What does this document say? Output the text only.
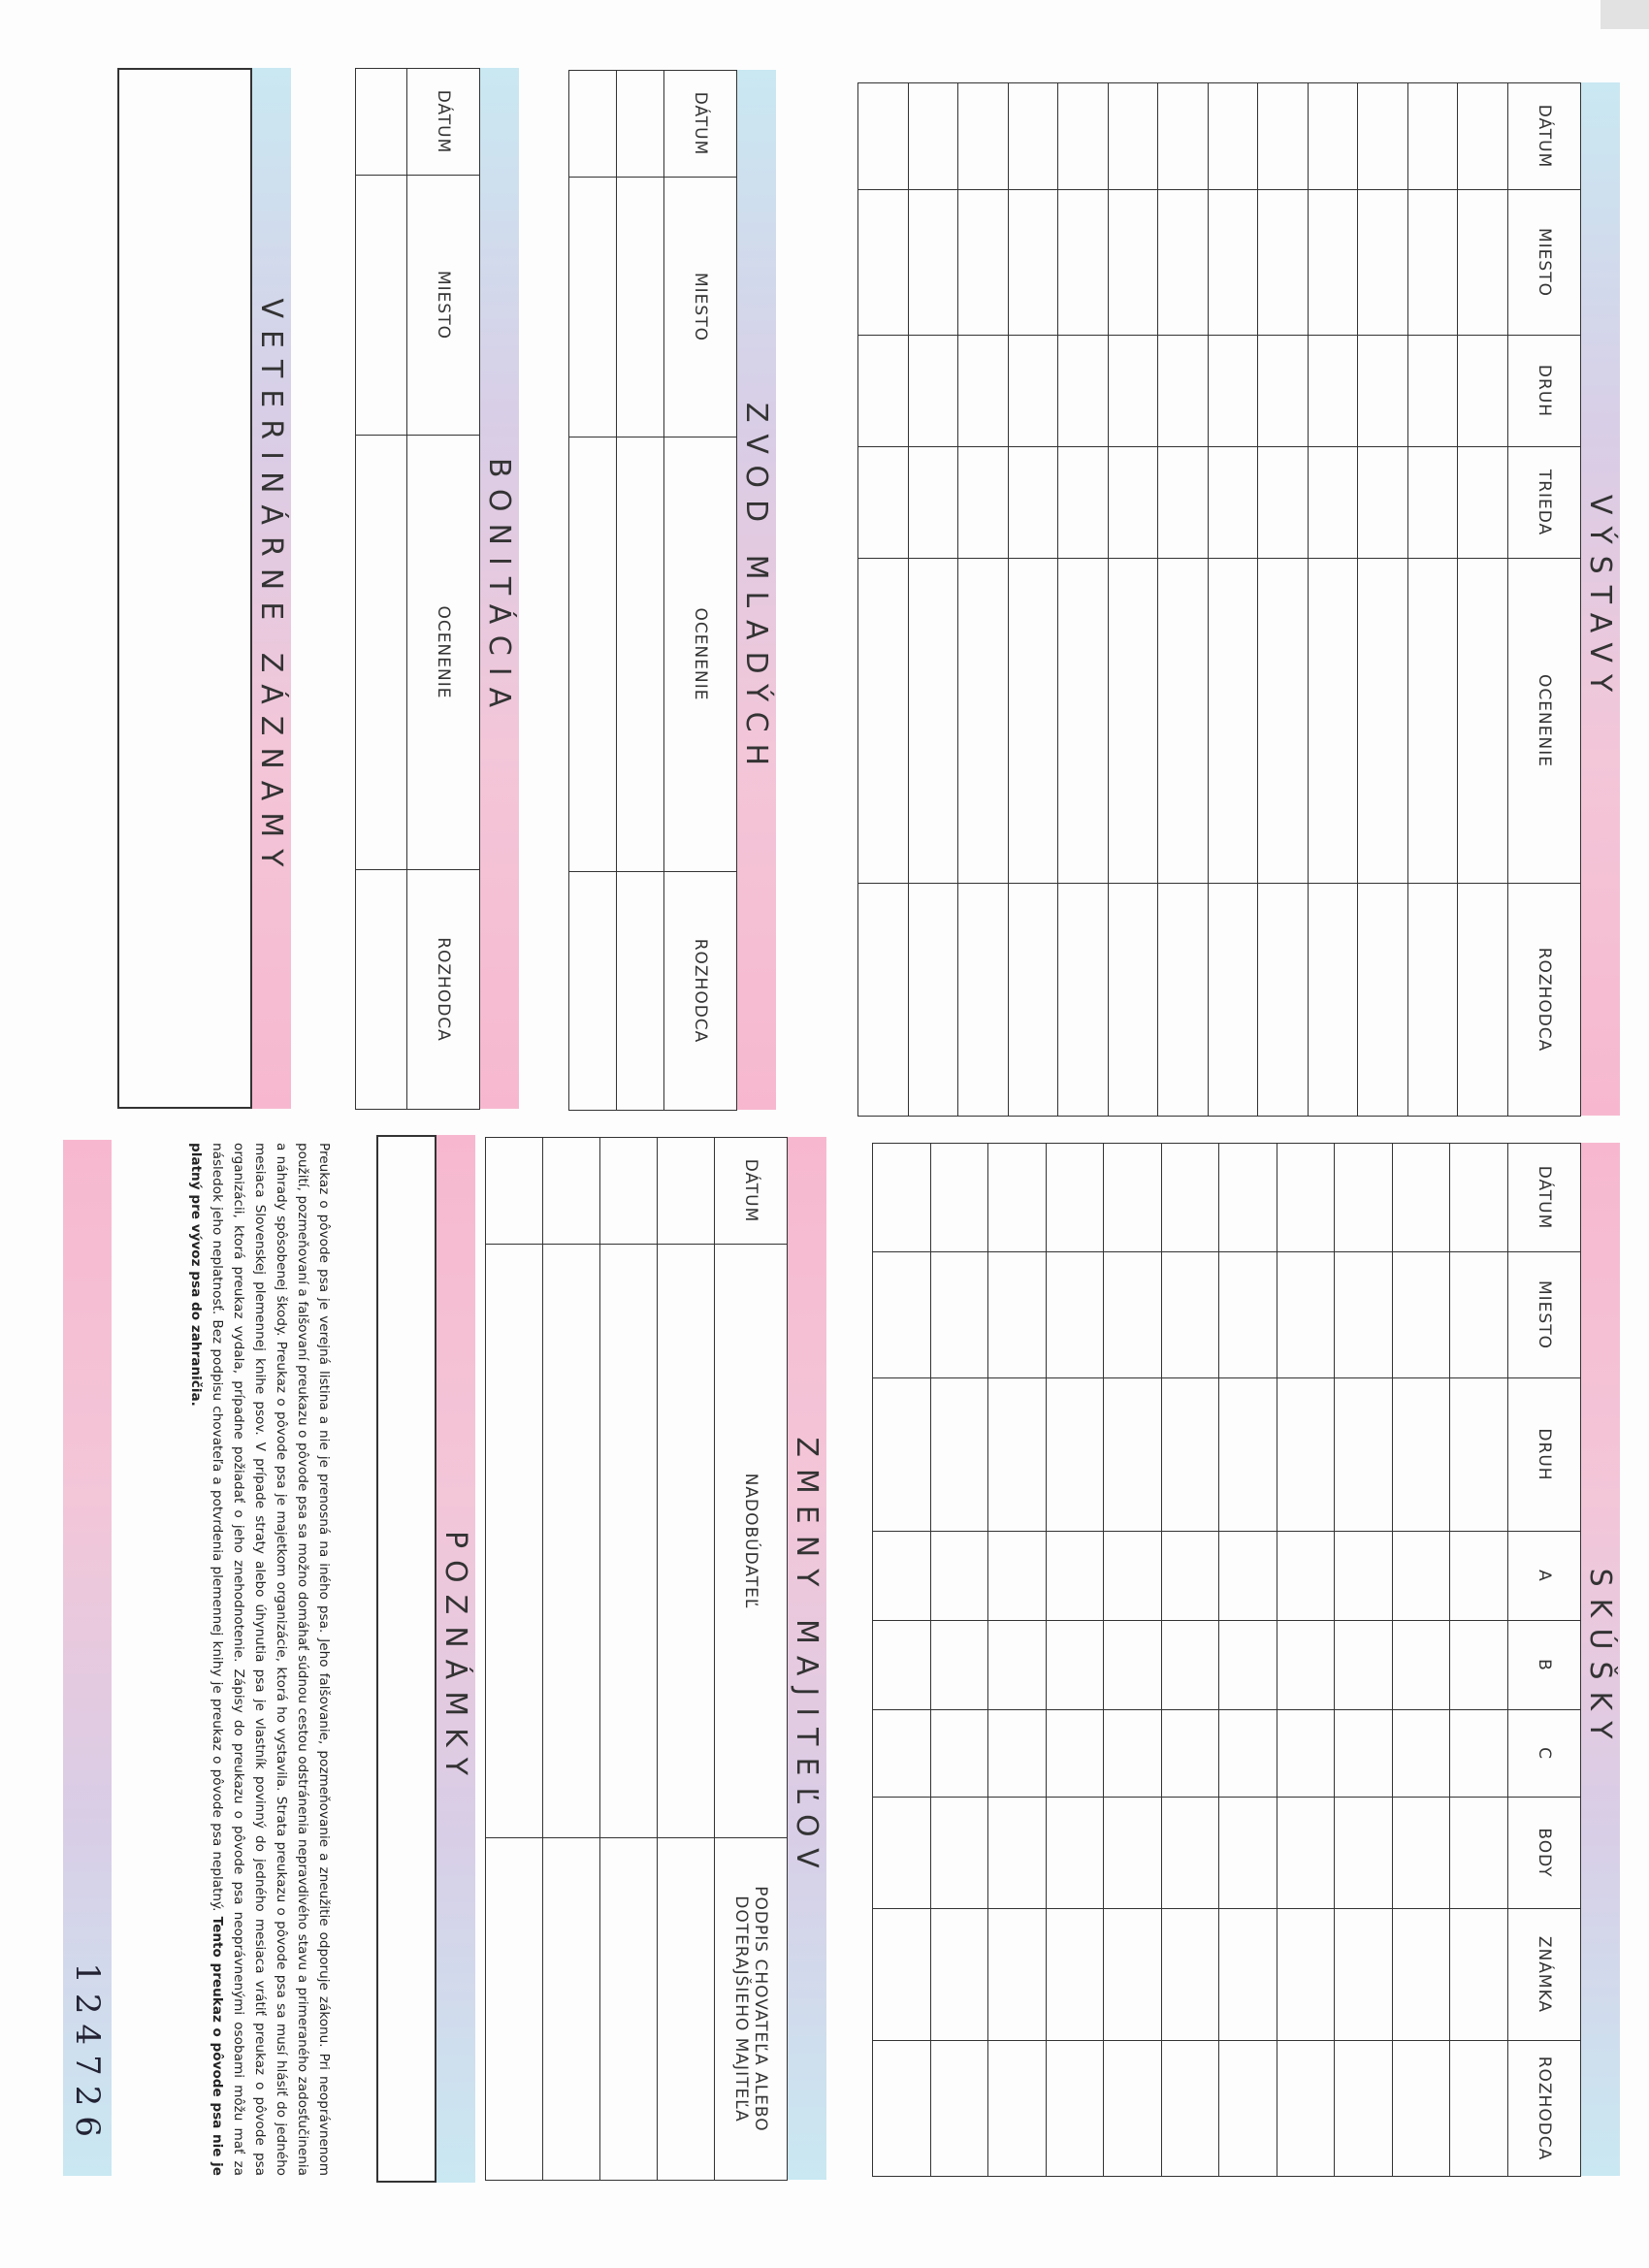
VÝSTAVY
DÁTUM	MIESTO	DRUH	TRIEDA	OCENENIE	ROZHODCA

SKÚŠKY
DÁTUM	MIESTO	DRUH	A	B	C	BODY	ZNÁMKA	ROZHODCA

ZVOD MLADÝCH
DÁTUM	MIESTO	OCENENIE	ROZHODCA

ZMENY MAJITEĽOV
DÁTUM	NADOBÚDATEĽ	PODPIS CHOVATEĽA ALEBO DOTERAJŠIEHO MAJITEĽA

BONITÁCIA
DÁTUM	MIESTO	OCENENIE	ROZHODCA

POZNÁMKY
VETERINÁRNE ZÁZNAMY
Preukaz o pôvode psa je verejná listina a nie je prenosná na iného psa. Jeho falšovanie, pozmeňovanie a zneužitie odporuje zákonu. Pri neoprávnenom použití, pozmeňovaní a falšovaní preukazu o pôvode psa sa možno domáhať súdnou cestou odstránenia nepravdivého stavu a primeraného zadosťučinenia a náhrady spôsobenej škody. Preukaz o pôvode psa je majetkom organizácie, ktorá ho vystavila. Strata preukazu o pôvode psa sa musí hlásiť do jedného mesiaca Slovenskej plemennej knihe psov. V prípade straty alebo úhynutia psa je vlastník povinný do jedného mesiaca vrátiť preukaz o pôvode psa organizácii, ktorá preukaz vydala, prípadne požiadať o jeho znehodnotenie. Zápisy do preukazu o pôvode psa neoprávnenými osobami môžu mať za následok jeho neplatnosť. Bez podpisu chovateľa a potvrdenia plemennej knihy je preukaz o pôvode psa neplatný. Tento preukaz o pôvode psa nie je platný pre vývoz psa do zahraničia.
124726
